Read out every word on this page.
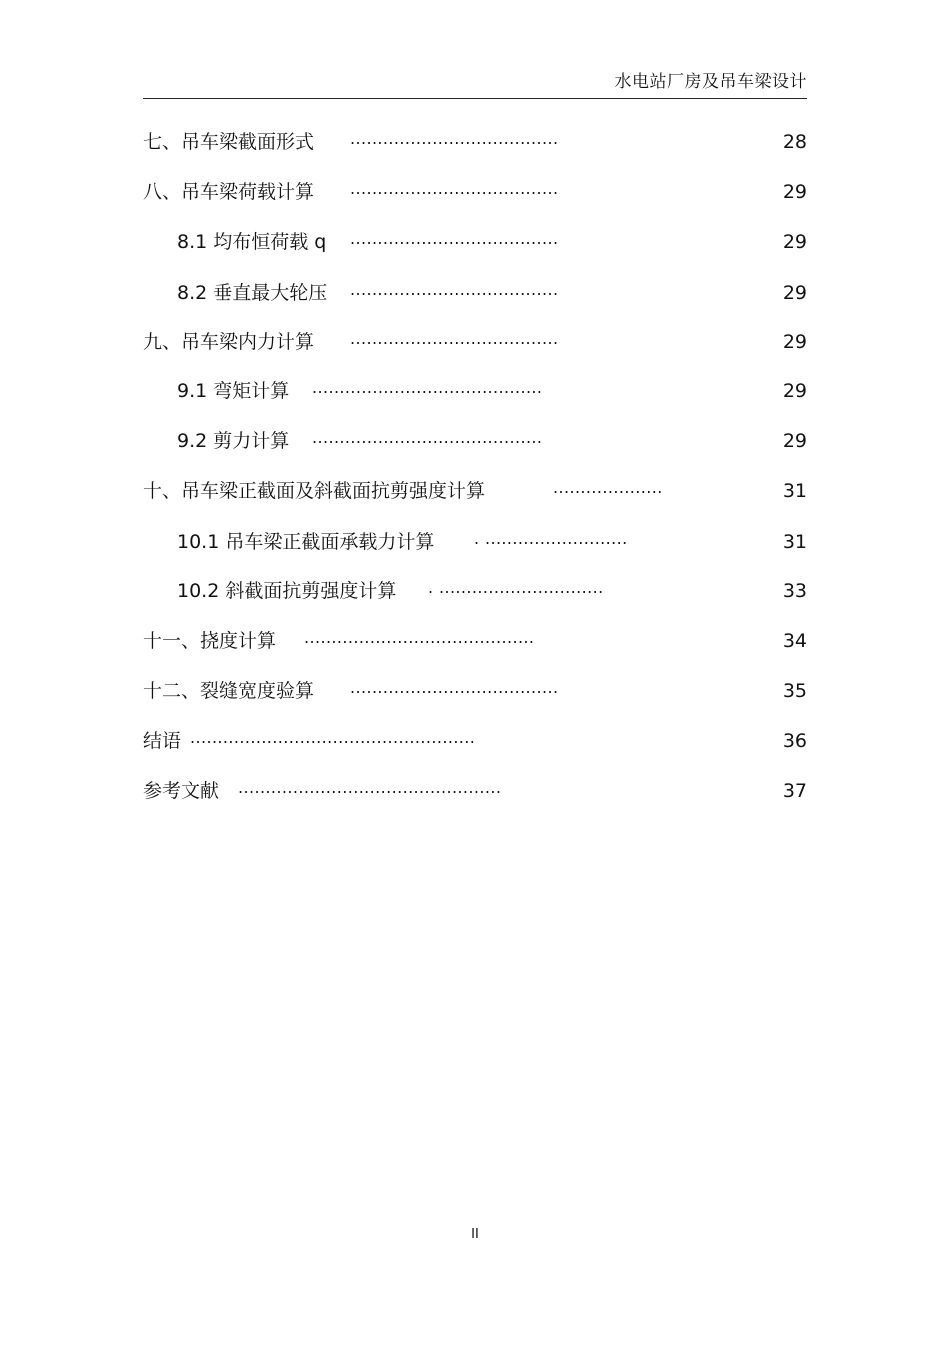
水电站厂房及吊车梁设计
七、吊车梁截面形式 ......................................	28
八、吊车梁荷载计算 ......................................	29
8.1 均布恒荷载 q ......................................	29
8.2 垂直最大轮压 ......................................	29
九、吊车梁内力计算 ......................................	29
9.1 弯矩计算 ..........................................	29
9.2 剪力计算 ..........................................	29
十、吊车梁正截面及斜截面抗剪强度计算	....................	31
10.1 吊车梁正截面承载力计算 . ..........................	31
10.2 斜截面抗剪强度计算 . ..............................	33
十一、挠度计算 ..........................................	34
十二、裂缝宽度验算 ......................................	35
结语 ....................................................	36
参考文献 ................................................	37
II
